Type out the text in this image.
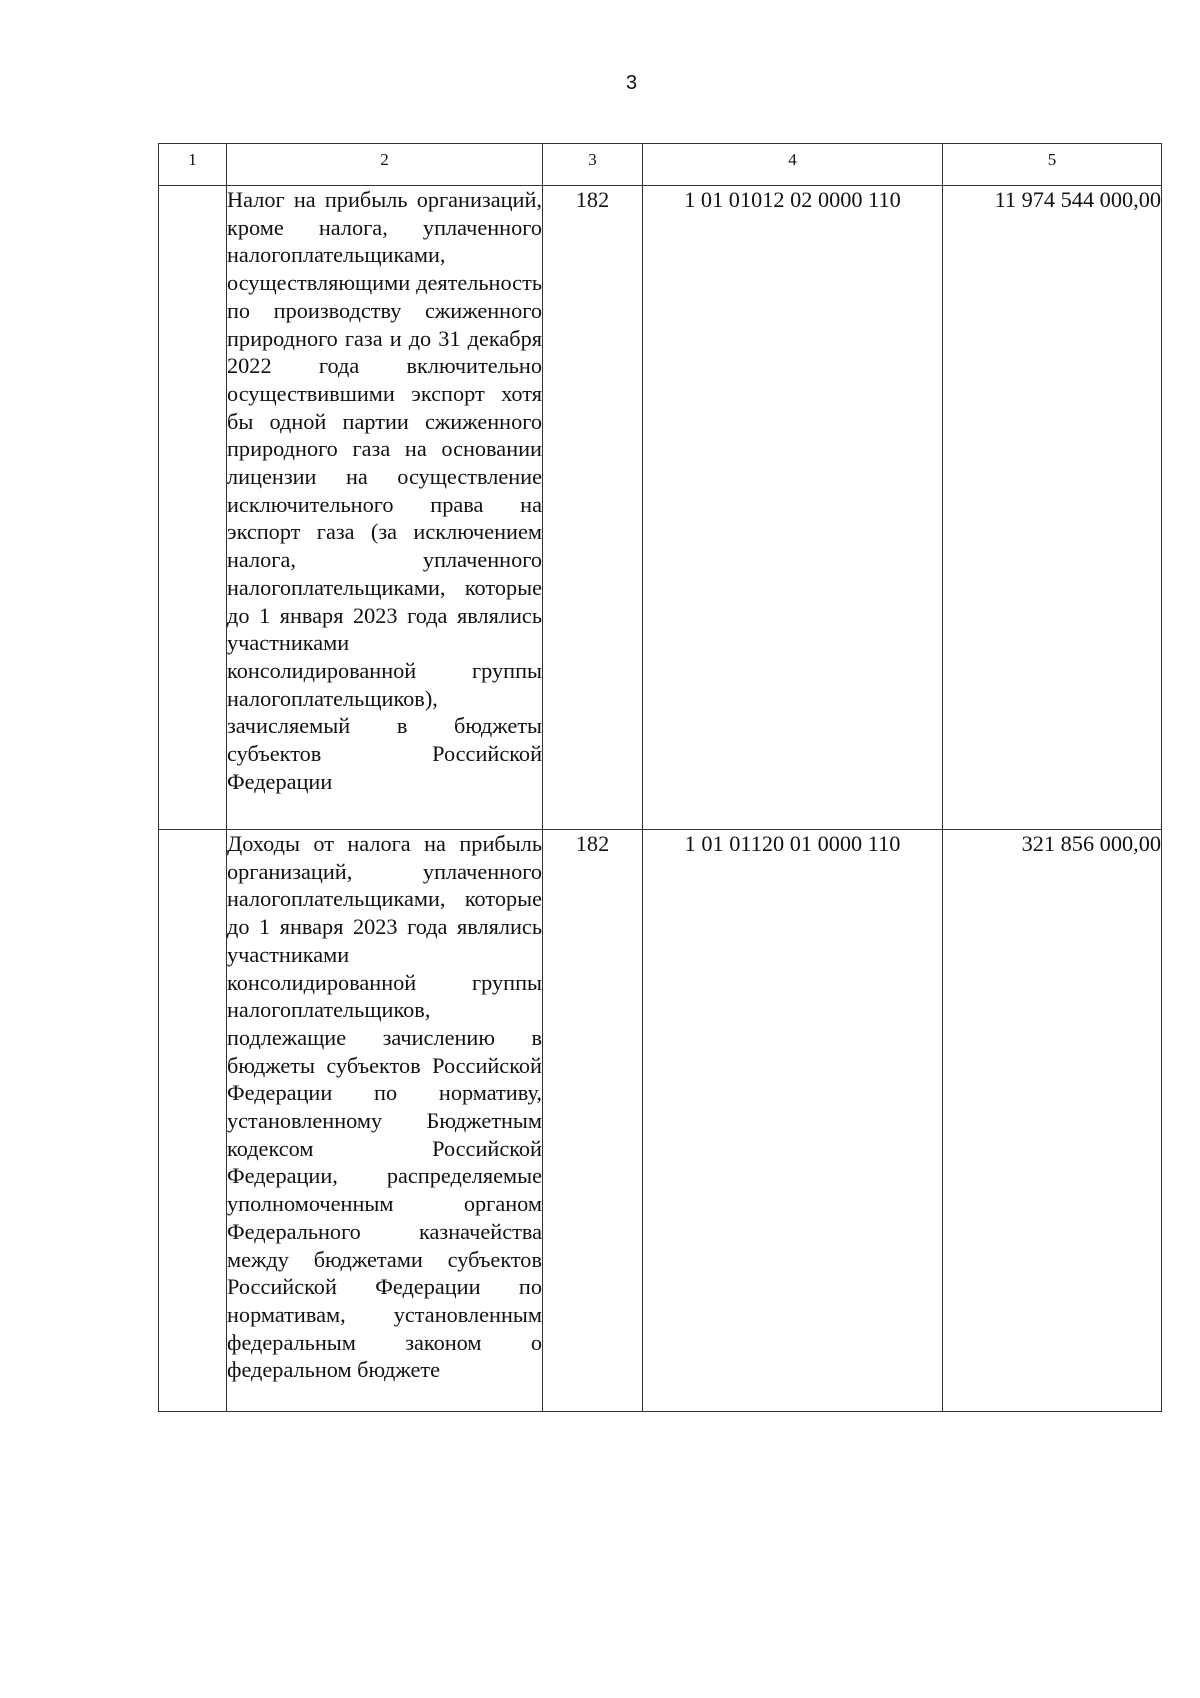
3
1	2	3	4	5
	Налог на прибыль организаций, кроме налога, уплаченного налогоплательщиками, осуществляющими деятельность по производству сжиженного природного газа и до 31 декабря 2022 года включительно осуществившими экспорт хотя бы одной партии сжиженного природного газа на основании лицензии на осуществление исключительного права на экспорт газа (за исключением налога, уплаченного налогоплательщиками, которые до 1 января 2023 года являлись участниками консолидированной группы налогоплательщиков), зачисляемый в бюджеты субъектов Российской Федерации	182	1 01 01012 02 0000 110	11 974 544 000,00
	Доходы от налога на прибыль организаций, уплаченного налогоплательщиками, которые до 1 января 2023 года являлись участниками консолидированной группы налогоплательщиков, подлежащие зачислению в бюджеты субъектов Российской Федерации по нормативу, установленному Бюджетным кодексом Российской Федерации, распределяемые уполномоченным органом Федерального казначейства между бюджетами субъектов Российской Федерации по нормативам, установленным федеральным законом о федеральном бюджете	182	1 01 01120 01 0000 110	321 856 000,00
